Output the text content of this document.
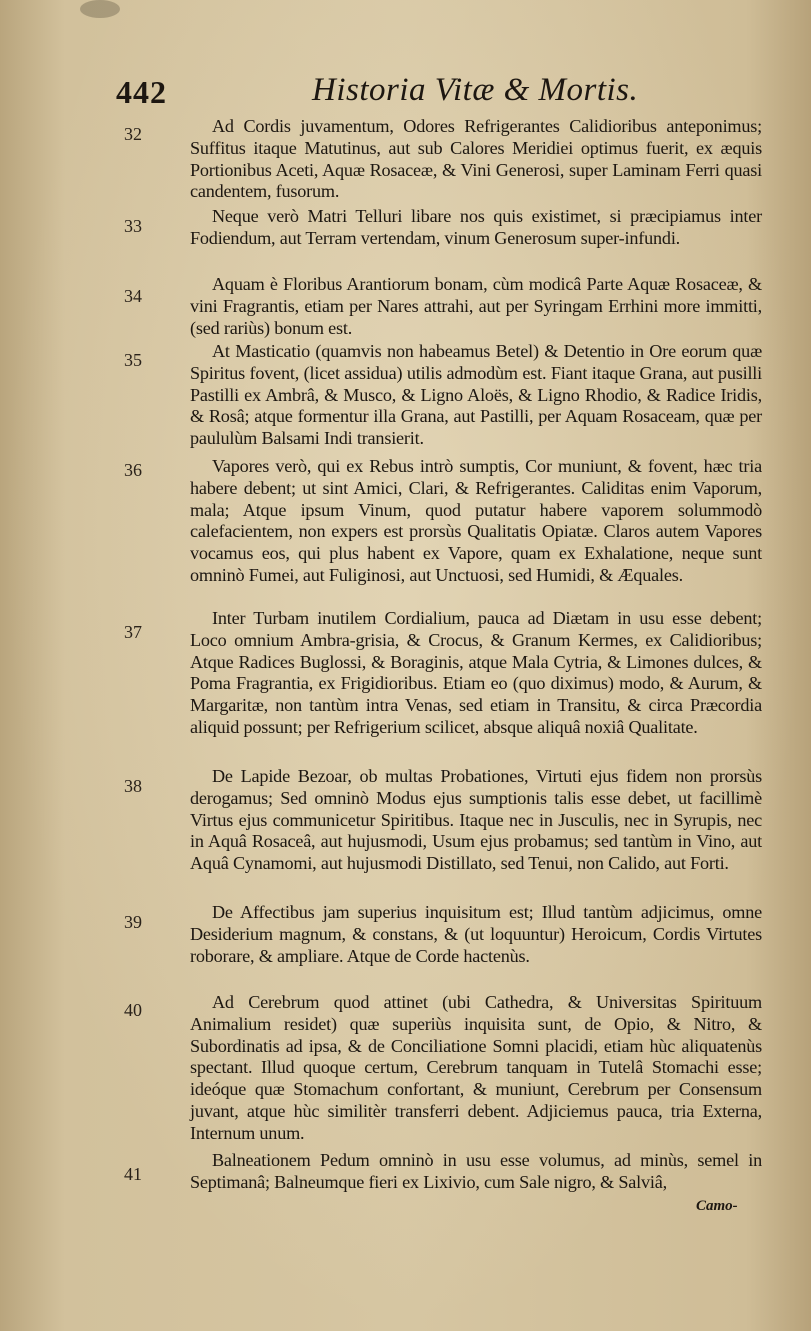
442	Historia Vitæ & Mortis.
32
33
34
35
36
37
38
39
40
41
Ad Cordis juvamentum, Odores Refrigerantes Calidioribus anteponimus; Suffitus itaque Matutinus, aut sub Calores Meridiei optimus fuerit, ex æquis Portionibus Aceti, Aquæ Rosaceæ, & Vini Generosi, super Laminam Ferri quasi candentem, fusorum.
Neque verò Matri Telluri libare nos quis existimet, si præcipiamus inter Fodiendum, aut Terram vertendam, vinum Generosum super-infundi.
Aquam è Floribus Arantiorum bonam, cùm modicâ Parte Aquæ Rosaceæ, & vini Fragrantis, etiam per Nares attrahi, aut per Syringam Errhini more immitti, (sed rariùs) bonum est.
At Masticatio (quamvis non habeamus Betel) & Detentio in Ore eorum quæ Spiritus fovent, (licet assidua) utilis admodùm est. Fiant itaque Grana, aut pusilli Pastilli ex Ambrâ, & Musco, & Ligno Aloës, & Ligno Rhodio, & Radice Iridis, & Rosâ; atque formentur illa Grana, aut Pastilli, per Aquam Rosaceam, quæ per paululùm Balsami Indi transierit.
Vapores verò, qui ex Rebus intrò sumptis, Cor muniunt, & fovent, hæc tria habere debent; ut sint Amici, Clari, & Refrigerantes. Caliditas enim Vaporum, mala; Atque ipsum Vinum, quod putatur habere vaporem solummodò calefacientem, non expers est prorsùs Qualitatis Opiatæ. Claros autem Vapores vocamus eos, qui plus habent ex Vapore, quam ex Exhalatione, neque sunt omninò Fumei, aut Fuliginosi, aut Unctuosi, sed Humidi, & Æquales.
Inter Turbam inutilem Cordialium, pauca ad Diætam in usu esse debent; Loco omnium Ambra-grisia, & Crocus, & Granum Kermes, ex Calidioribus; Atque Radices Buglossi, & Boraginis, atque Mala Cytria, & Limones dulces, & Poma Fragrantia, ex Frigidioribus. Etiam eo (quo diximus) modo, & Aurum, & Margaritæ, non tantùm intra Venas, sed etiam in Transitu, & circa Præcordia aliquid possunt; per Refrigerium scilicet, absque aliquâ noxiâ Qualitate.
De Lapide Bezoar, ob multas Probationes, Virtuti ejus fidem non prorsùs derogamus; Sed omninò Modus ejus sumptionis talis esse debet, ut facillimè Virtus ejus communicetur Spiritibus. Itaque nec in Jusculis, nec in Syrupis, nec in Aquâ Rosaceâ, aut hujusmodi, Usum ejus probamus; sed tantùm in Vino, aut Aquâ Cynamomi, aut hujusmodi Distillato, sed Tenui, non Calido, aut Forti.
De Affectibus jam superius inquisitum est; Illud tantùm adjicimus, omne Desiderium magnum, & constans, & (ut loquuntur) Heroicum, Cordis Virtutes roborare, & ampliare. Atque de Corde hactenùs.
Ad Cerebrum quod attinet (ubi Cathedra, & Universitas Spirituum Animalium residet) quæ superiùs inquisita sunt, de Opio, & Nitro, & Subordinatis ad ipsa, & de Conciliatione Somni placidi, etiam hùc aliquatenùs spectant. Illud quoque certum, Cerebrum tanquam in Tutelâ Stomachi esse; ideóque quæ Stomachum confortant, & muniunt, Cerebrum per Consensum juvant, atque hùc similitèr transferri debent. Adjiciemus pauca, tria Externa, Internum unum.
Balneationem Pedum omninò in usu esse volumus, ad minùs, semel in Septimanâ; Balneumque fieri ex Lixivio, cum Sale nigro, & Salviâ,
Camo-
